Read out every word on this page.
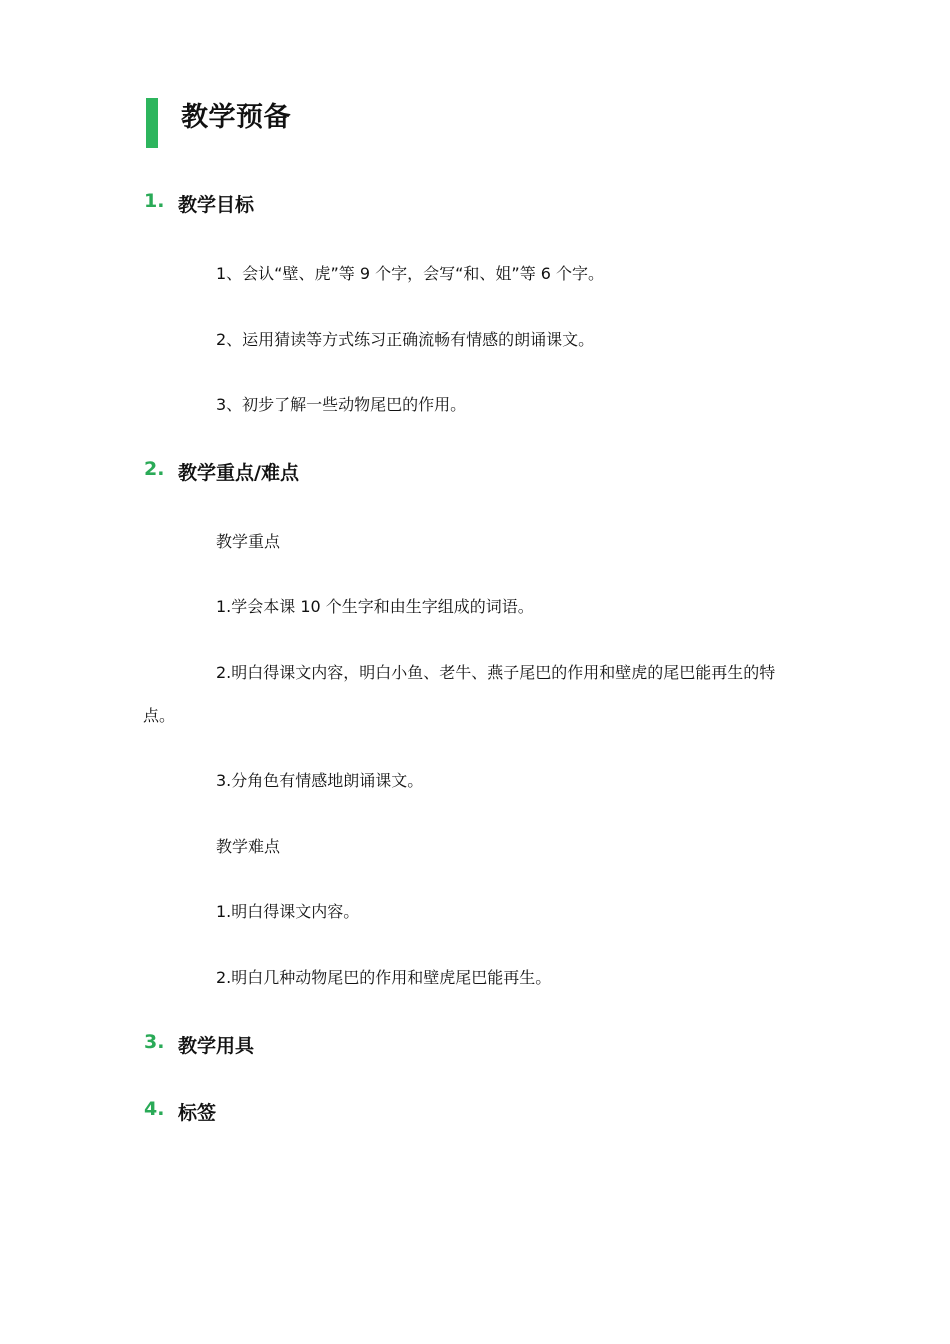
教学预备
1. 教学目标
1、会认“壁、虎”等 9 个字，会写“和、姐”等 6 个字。
2、运用猜读等方式练习正确流畅有情感的朗诵课文。
3、初步了解一些动物尾巴的作用。
2. 教学重点/难点
教学重点
1.学会本课 10 个生字和由生字组成的词语。
2.明白得课文内容，明白小鱼、老牛、燕子尾巴的作用和壁虎的尾巴能再生的特
点。
3.分角色有情感地朗诵课文。
教学难点
1.明白得课文内容。
2.明白几种动物尾巴的作用和壁虎尾巴能再生。
3. 教学用具
4. 标签
